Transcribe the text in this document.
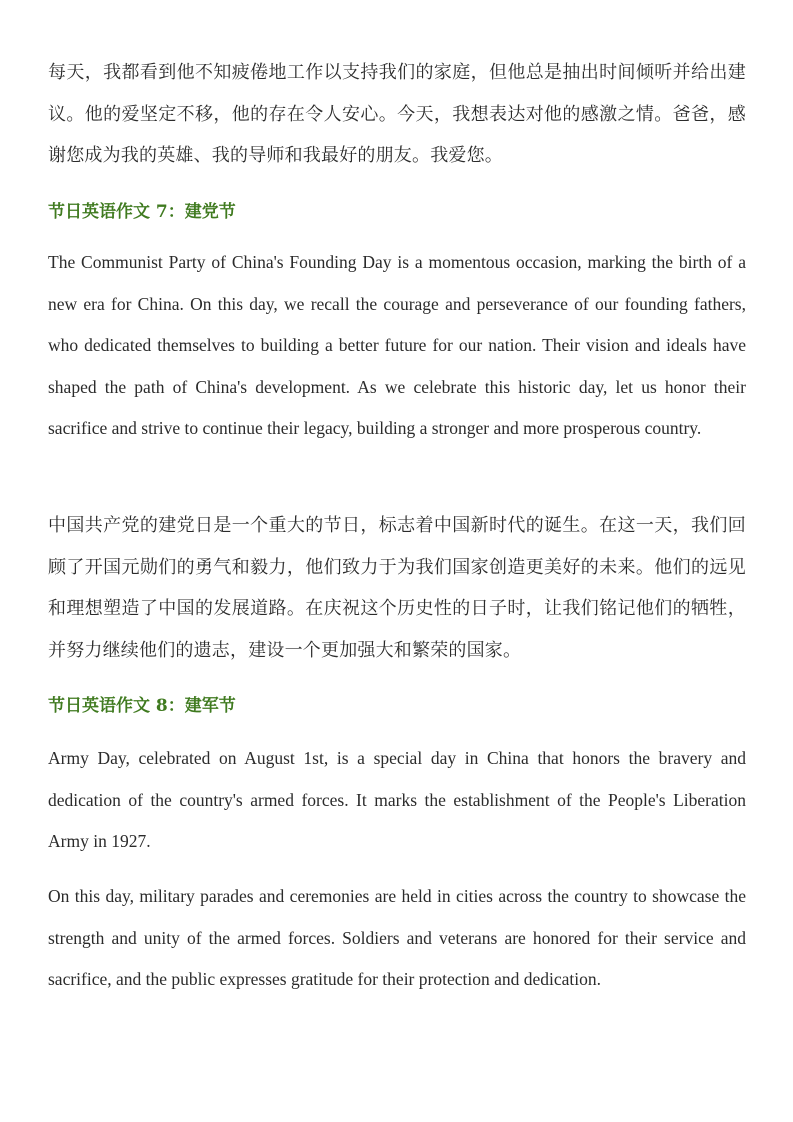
每天，我都看到他不知疲倦地工作以支持我们的家庭，但他总是抽出时间倾听并给出建议。他的爱坚定不移，他的存在令人安心。今天，我想表达对他的感激之情。爸爸，感谢您成为我的英雄、我的导师和我最好的朋友。我爱您。

节日英语作文 7：建党节

The Communist Party of China's Founding Day is a momentous occasion, marking the birth of a new era for China. On this day, we recall the courage and perseverance of our founding fathers, who dedicated themselves to building a better future for our nation. Their vision and ideals have shaped the path of China's development. As we celebrate this historic day, let us honor their sacrifice and strive to continue their legacy, building a stronger and more prosperous country.

中国共产党的建党日是一个重大的节日，标志着中国新时代的诞生。在这一天，我们回顾了开国元勋们的勇气和毅力，他们致力于为我们国家创造更美好的未来。他们的远见和理想塑造了中国的发展道路。在庆祝这个历史性的日子时，让我们铭记他们的牺牲，并努力继续他们的遗志，建设一个更加强大和繁荣的国家。

节日英语作文 8：建军节

Army Day, celebrated on August 1st, is a special day in China that honors the bravery and dedication of the country's armed forces. It marks the establishment of the People's Liberation Army in 1927.

On this day, military parades and ceremonies are held in cities across the country to showcase the strength and unity of the armed forces. Soldiers and veterans are honored for their service and sacrifice, and the public expresses gratitude for their protection and dedication.
